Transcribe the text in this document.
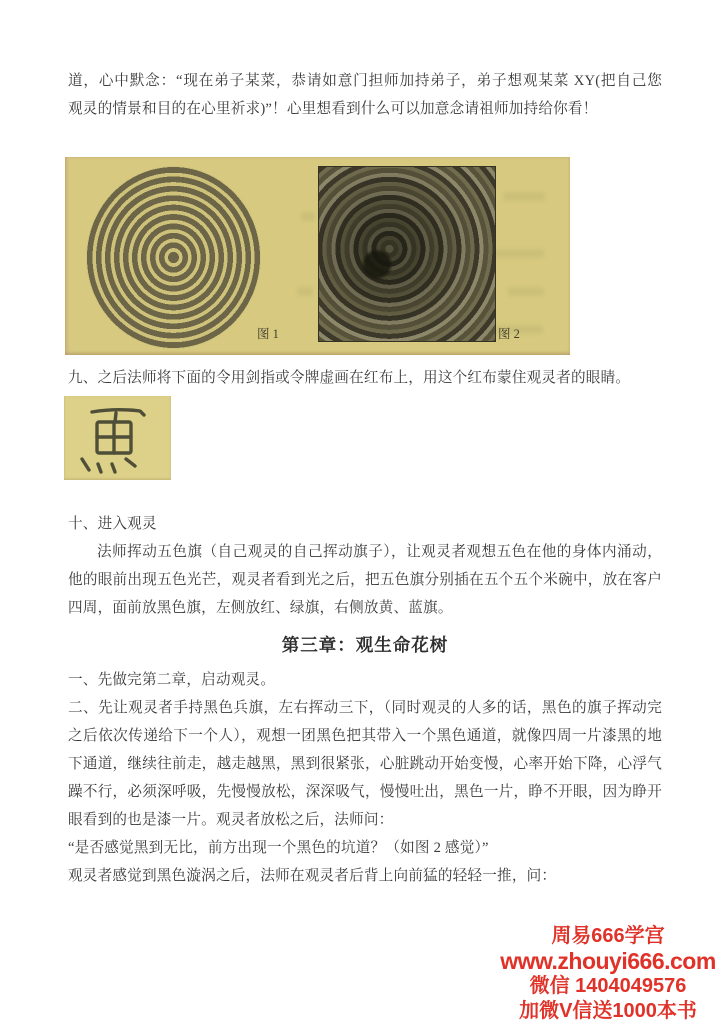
道，心中默念：“现在弟子某菜，恭请如意门担师加持弟子，弟子想观某菜 XY(把自己您
观灵的情景和目的在心里祈求)”！心里想看到什么可以加意念请祖师加持给你看！
图 1	图 2
九、之后法师将下面的令用剑指或令牌虚画在红布上，用这个红布蒙住观灵者的眼睛。
十、进入观灵
法师挥动五色旗（自己观灵的自己挥动旗子），让观灵者观想五色在他的身体内涌动，
他的眼前出现五色光芒，观灵者看到光之后，把五色旗分别插在五个五个米碗中，放在客户
四周，面前放黑色旗，左侧放红、绿旗，右侧放黄、蓝旗。
第三章：观生命花树
一、先做完第二章，启动观灵。
二、先让观灵者手持黑色兵旗，左右挥动三下，（同时观灵的人多的话，黑色的旗子挥动完
之后依次传递给下一个人），观想一团黑色把其带入一个黑色通道，就像四周一片漆黑的地
下通道，继续往前走，越走越黑，黑到很紧张，心脏跳动开始变慢，心率开始下降，心浮气
躁不行，必须深呼吸，先慢慢放松，深深吸气，慢慢吐出，黑色一片，睁不开眼，因为睁开
眼看到的也是漆一片。观灵者放松之后，法师问：
“是否感觉黑到无比，前方出现一个黑色的坑道？（如图 2 感觉）”
观灵者感觉到黑色漩涡之后，法师在观灵者后背上向前猛的轻轻一推，问：
周易666学宫
www.zhouyi666.com
微信 1404049576
加微V信送1000本书
